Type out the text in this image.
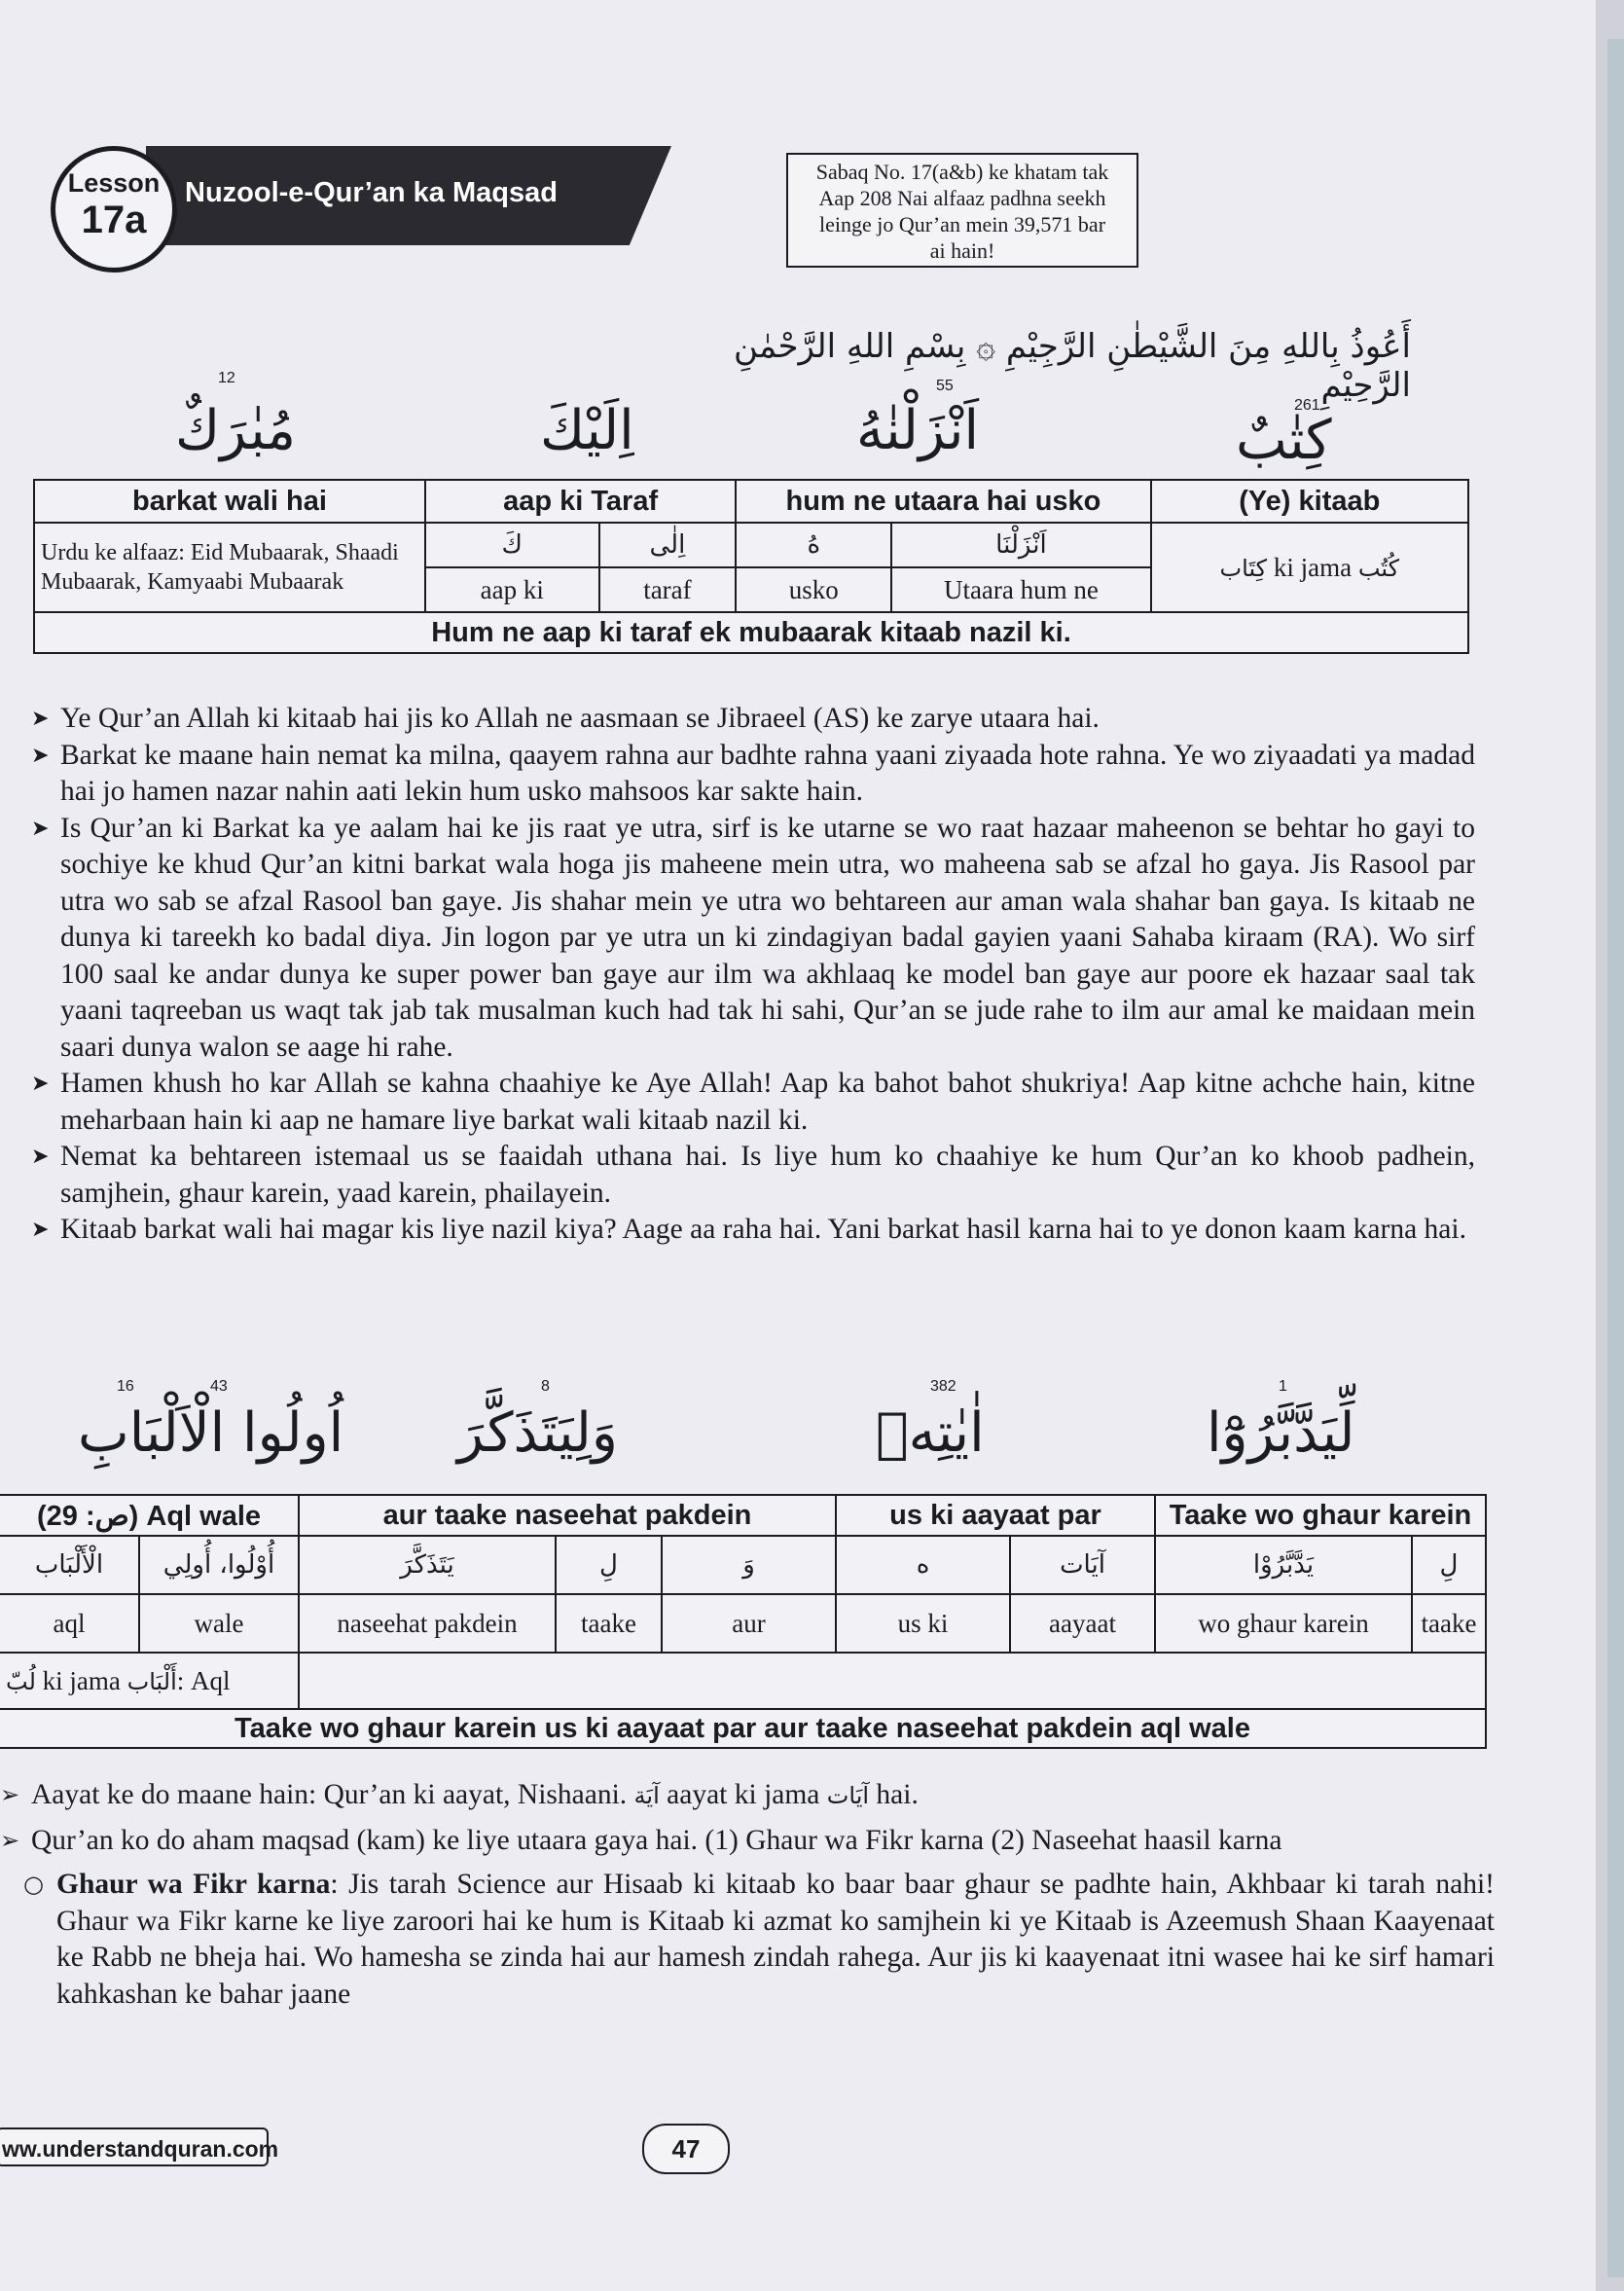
Nuzool-e-Qur’an ka Maqsad
Lesson
17a
Sabaq No. 17(a&b) ke khatam tak
Aap 208 Nai alfaaz padhna seekh
leinge jo Qur’an mein 39,571 bar
ai hain!
أَعُوذُ بِاللهِ مِنَ الشَّيْطٰنِ الرَّجِيْمِ ۞ بِسْمِ اللهِ الرَّحْمٰنِ الرَّحِيْمِ
261
كِتٰبٌ
55
اَنْزَلْنٰهُ
اِلَيْكَ
12
مُبٰرَكٌ
barkat wali hai	aap ki Taraf		hum ne utaara hai usko		(Ye) kitaab
Urdu ke alfaaz: Eid Mubaarak, Shaadi Mubaarak, Kamyaabi Mubaarak	كَ	اِلٰى	هُ	اَنْزَلْنَا	كِتَاب ki jama كُتُب
	aap ki	taraf	usko	Utaara hum ne	
Hum ne aap ki taraf ek mubaarak kitaab nazil ki.					
➤ Ye Qur’an Allah ki kitaab hai jis ko Allah ne aasmaan se Jibraeel (AS) ke zarye utaara hai.
➤ Barkat ke maane hain nemat ka milna, qaayem rahna aur badhte rahna yaani ziyaada hote rahna. Ye wo ziyaadati ya madad hai jo hamen nazar nahin aati lekin hum usko mahsoos kar sakte hain.
➤ Is Qur’an ki Barkat ka ye aalam hai ke jis raat ye utra, sirf is ke utarne se wo raat hazaar maheenon se behtar ho gayi to sochiye ke khud Qur’an kitni barkat wala hoga jis maheene mein utra, wo maheena sab se afzal ho gaya. Jis Rasool par utra wo sab se afzal Rasool ban gaye. Jis shahar mein ye utra wo behtareen aur aman wala shahar ban gaya. Is kitaab ne dunya ki tareekh ko badal diya. Jin logon par ye utra un ki zindagiyan badal gayien yaani Sahaba kiraam (RA). Wo sirf 100 saal ke andar dunya ke super power ban gaye aur ilm wa akhlaaq ke model ban gaye aur poore ek hazaar saal tak yaani taqreeban us waqt tak jab tak musalman kuch had tak hi sahi, Qur’an se jude rahe to ilm aur amal ke maidaan mein saari dunya walon se aage hi rahe.
➤ Hamen khush ho kar Allah se kahna chaahiye ke Aye Allah! Aap ka bahot bahot shukriya! Aap kitne achche hain, kitne meharbaan hain ki aap ne hamare liye barkat wali kitaab nazil ki.
➤ Nemat ka behtareen istemaal us se faaidah uthana hai. Is liye hum ko chaahiye ke hum Qur’an ko khoob padhein, samjhein, ghaur karein, yaad karein, phailayein.
➤ Kitaab barkat wali hai magar kis liye nazil kiya? Aage aa raha hai. Yani barkat hasil karna hai to ye donon kaam karna hai.
1
لِّيَدَّبَّرُوْٓا
382
اٰيٰتِهٖ
8
وَلِيَتَذَكَّرَ
43
16
اُولُوا الْاَلْبَابِ
(ص: 29) Aql wale		aur taake naseehat pakdein			us ki aayaat par		Taake wo ghaur karein	
الْأَلْبَاب	أُوْلُوا، أُولِي	يَتَذَكَّرَ	لِ	وَ	ه	آيَات	يَدَّبَّرُوْا	لِ
aql	wale	naseehat pakdein	taake	aur	us ki	aayaat	wo ghaur karein	taake
لُبّ ki jama أَلْبَاب: Aql								
Taake wo ghaur karein us ki aayaat par aur taake naseehat pakdein aql wale								
➢ Aayat ke do maane hain: Qur’an ki aayat, Nishaani. آيَة aayat ki jama آيَات hai.
➢ Qur’an ko do aham maqsad (kam) ke liye utaara gaya hai. (1) Ghaur wa Fikr karna (2) Naseehat haasil karna
○ Ghaur wa Fikr karna: Jis tarah Science aur Hisaab ki kitaab ko baar baar ghaur se padhte hain, Akhbaar ki tarah nahi! Ghaur wa Fikr karne ke liye zaroori hai ke hum is Kitaab ki azmat ko samjhein ki ye Kitaab is Azeemush Shaan Kaayenaat ke Rabb ne bheja hai. Wo hamesha se zinda hai aur hamesh zindah rahega. Aur jis ki kaayenaat itni wasee hai ke sirf hamari kahkashan ke bahar jaane
ww.understandquran.com	47
